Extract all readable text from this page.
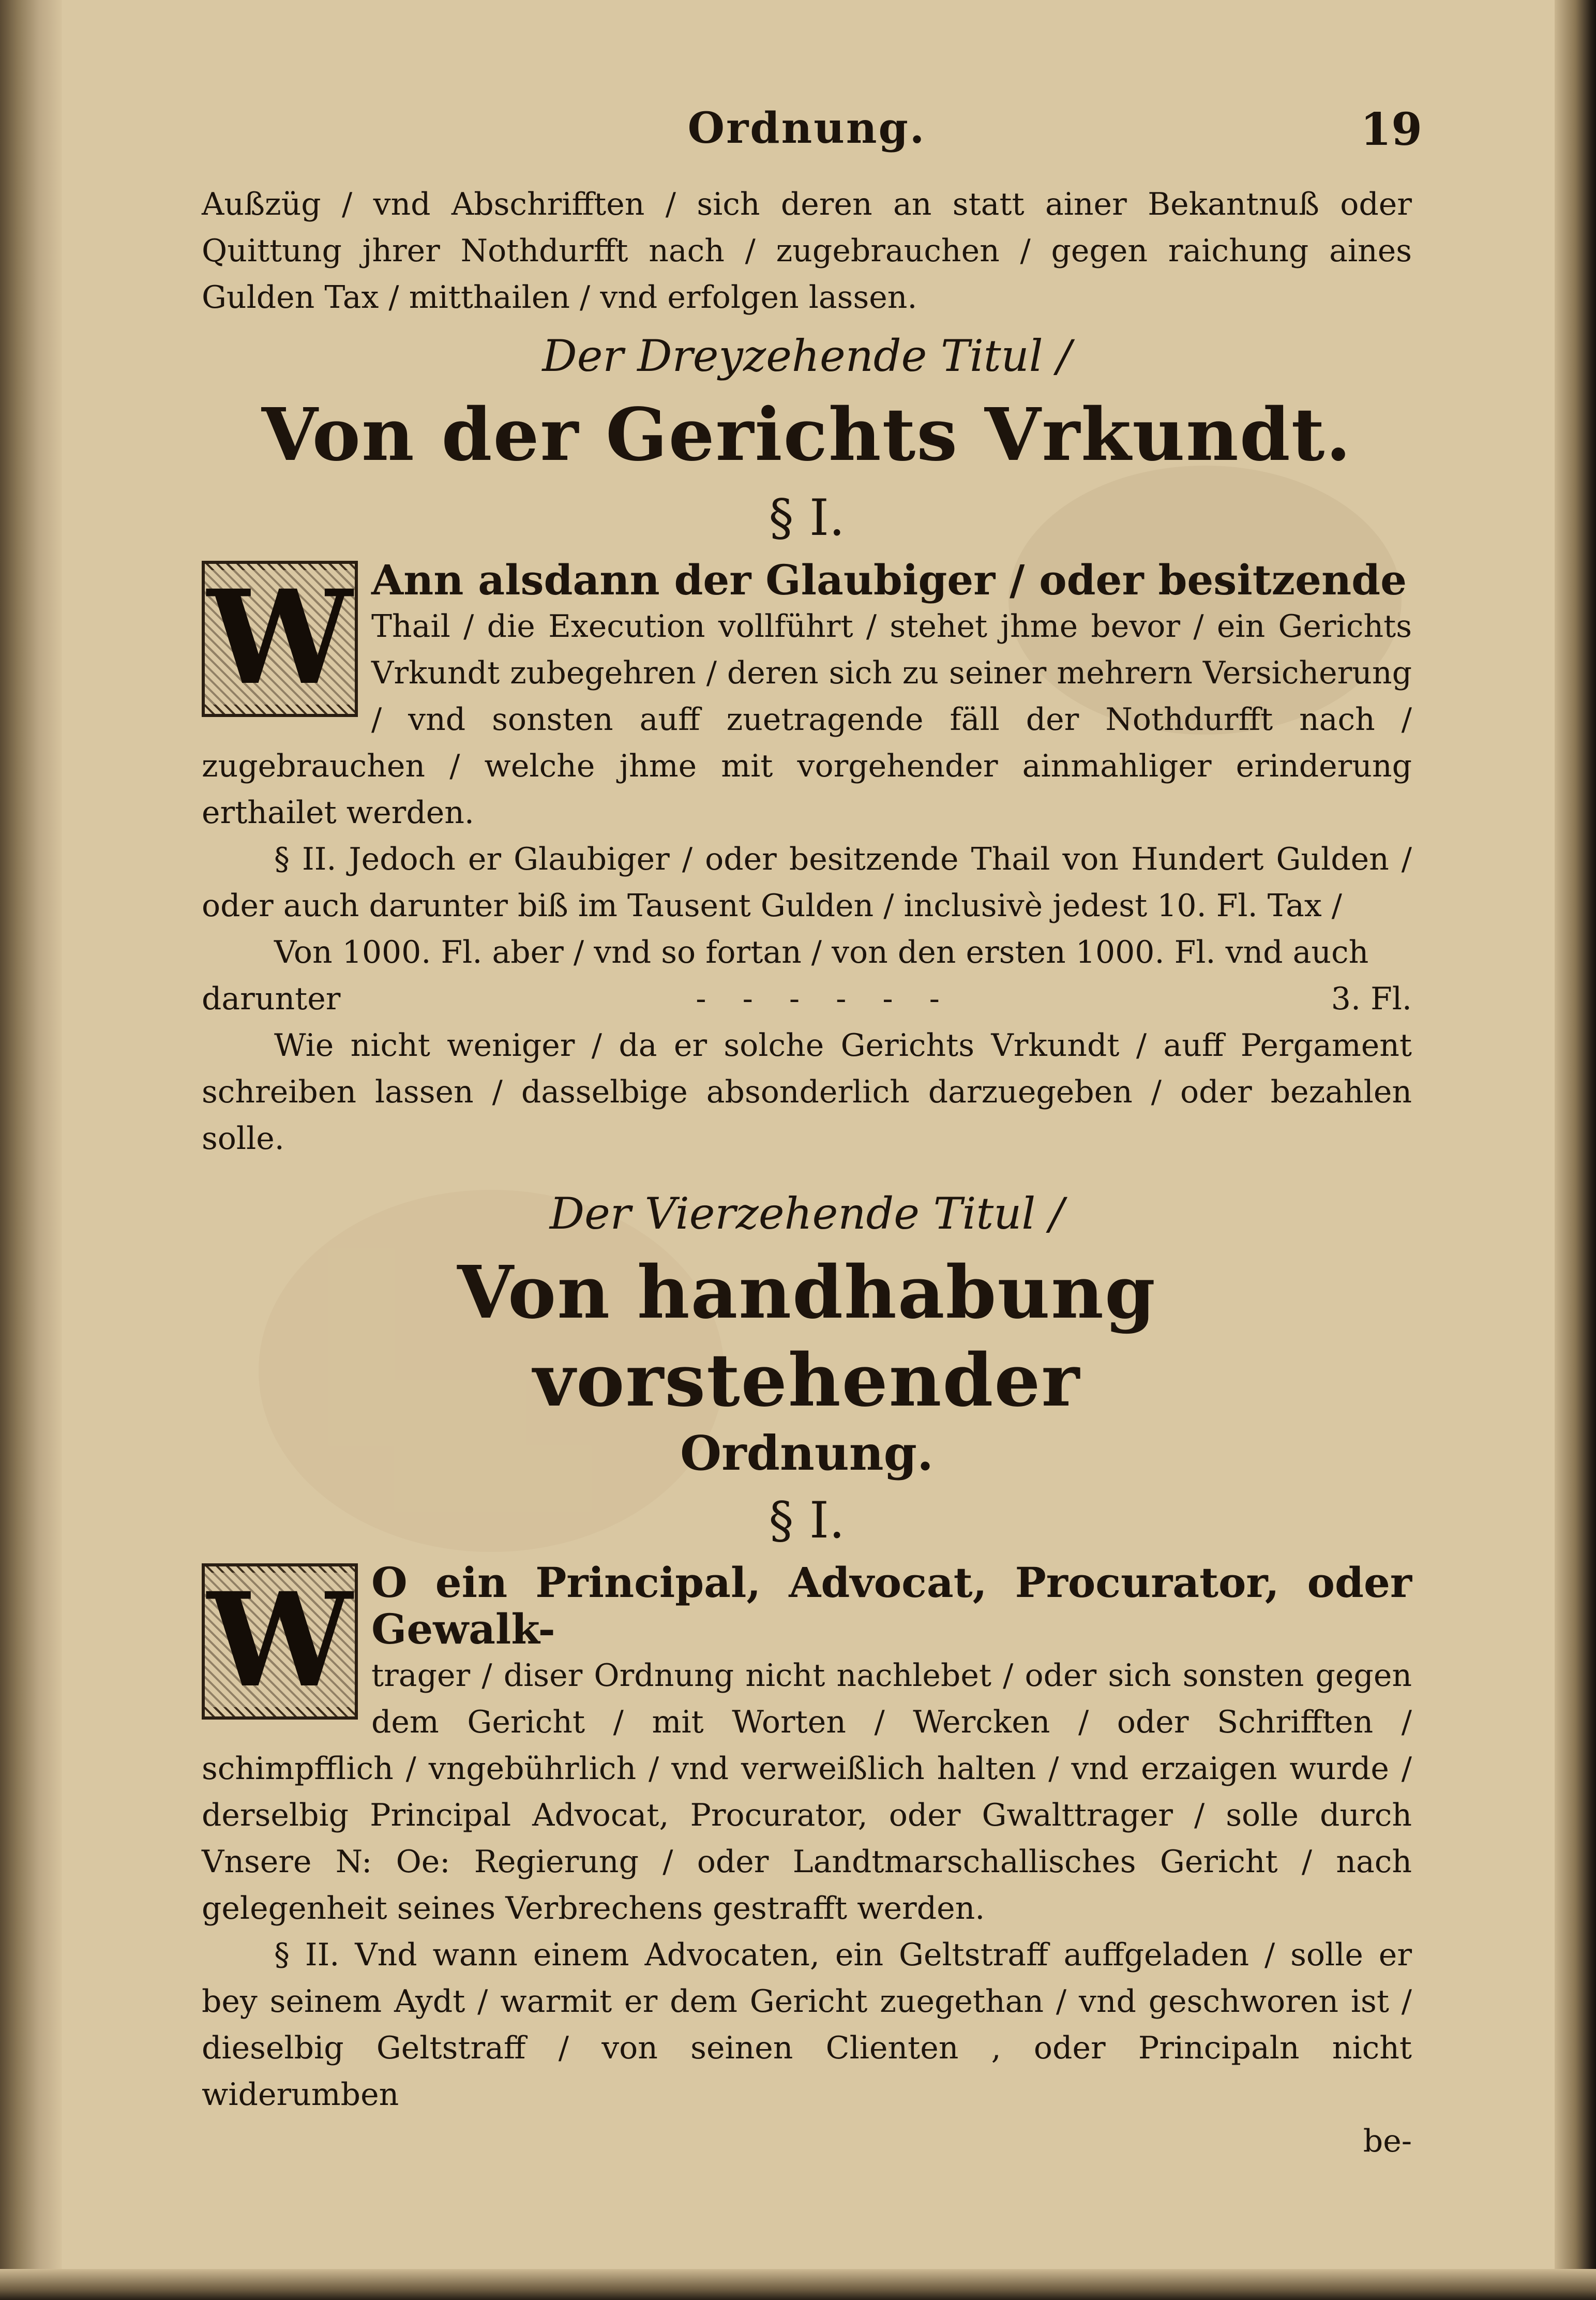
Ordnung.	19

Außzüg / vnd Abschrifften / sich deren an statt ainer Bekantnuß oder Quittung jhrer Nothdurfft nach / zugebrauchen / gegen raichung aines Gulden Tax / mitthailen / vnd erfolgen lassen.

Der Dreyzehende Titul /
Von der Gerichts Vrkundt.
§ I.
W Ann alsdann der Glaubiger / oder besitzende

Thail / die Execution vollführt / stehet jhme bevor / ein Gerichts Vrkundt zubegehren / deren sich zu seiner mehrern Versicherung / vnd sonsten auff zuetragende fäll der Nothdurfft nach / zugebrauchen / welche jhme mit vorgehender ainmahliger erinderung erthailet werden.

§ II. Jedoch er Glaubiger / oder besitzende Thail von Hundert Gulden / oder auch darunter biß im Tausent Gulden / inclusivè jedest 10. Fl. Tax /

Von 1000. Fl. aber / vnd so fortan / von den ersten 1000. Fl. vnd auch

darunter	------	3. Fl.

Wie nicht weniger / da er solche Gerichts Vrkundt / auff Pergament schreiben lassen / dasselbige absonderlich darzuegeben / oder bezahlen solle.

Der Vierzehende Titul /
Von handhabung vorstehender
Ordnung.
§ I.
W O ein Principal, Advocat, Procurator, oder Gewalk-

trager / diser Ordnung nicht nachlebet / oder sich sonsten gegen dem Gericht / mit Worten / Wercken / oder Schrifften / schimpfflich / vngebührlich / vnd verweißlich halten / vnd erzaigen wurde / derselbig Principal Advocat, Procurator, oder Gwalttrager / solle durch Vnsere N: Oe: Regierung / oder Landtmarschallisches Gericht / nach gelegenheit seines Verbrechens gestrafft werden.

§ II. Vnd wann einem Advocaten, ein Geltstraff auffgeladen / solle er bey seinem Aydt / warmit er dem Gericht zuegethan / vnd geschworen ist / dieselbig Geltstraff / von seinen Clienten , oder Principaln nicht widerumben

be-
